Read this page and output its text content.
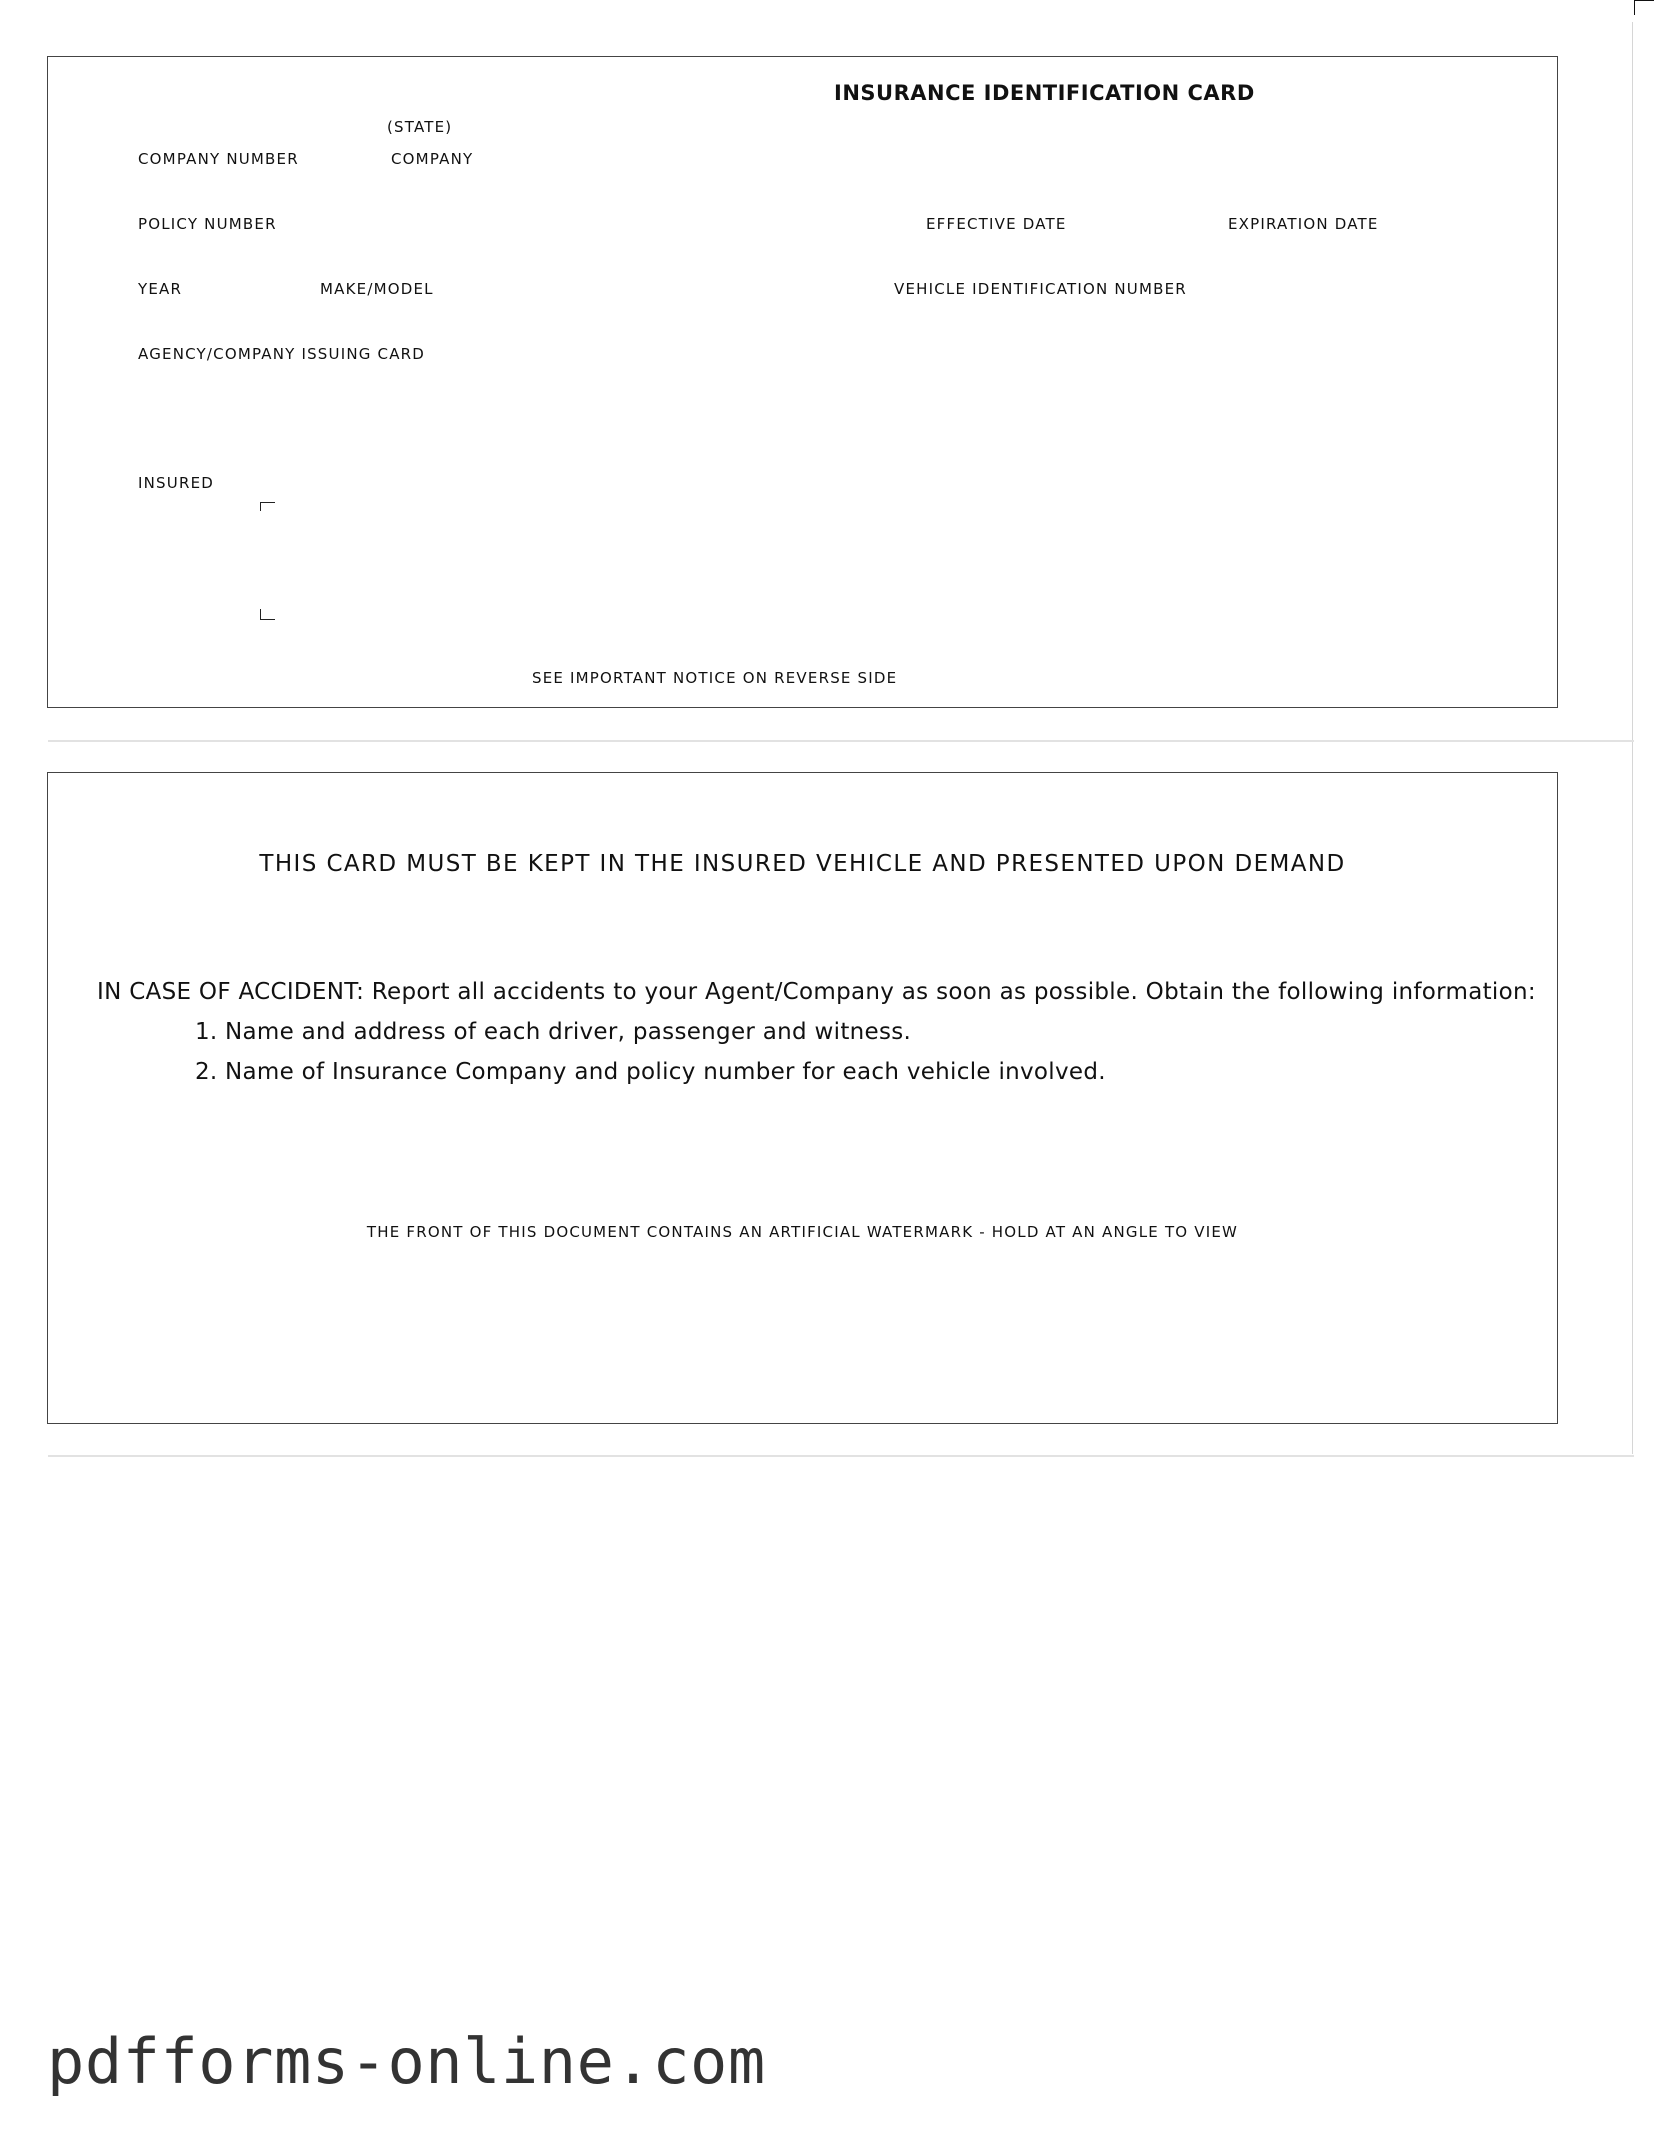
INSURANCE IDENTIFICATION CARD
(STATE)
COMPANY NUMBER	COMPANY
POLICY NUMBER	EFFECTIVE DATE	EXPIRATION DATE
YEAR	MAKE/MODEL	VEHICLE IDENTIFICATION NUMBER
AGENCY/COMPANY ISSUING CARD
INSURED
SEE IMPORTANT NOTICE ON REVERSE SIDE
THIS CARD MUST BE KEPT IN THE INSURED VEHICLE AND PRESENTED UPON DEMAND
IN CASE OF ACCIDENT: Report all accidents to your Agent/Company as soon as possible. Obtain the following information:
1. Name and address of each driver, passenger and witness.
2. Name of Insurance Company and policy number for each vehicle involved.
THE FRONT OF THIS DOCUMENT CONTAINS AN ARTIFICIAL WATERMARK - HOLD AT AN ANGLE TO VIEW
pdfforms-online.com
